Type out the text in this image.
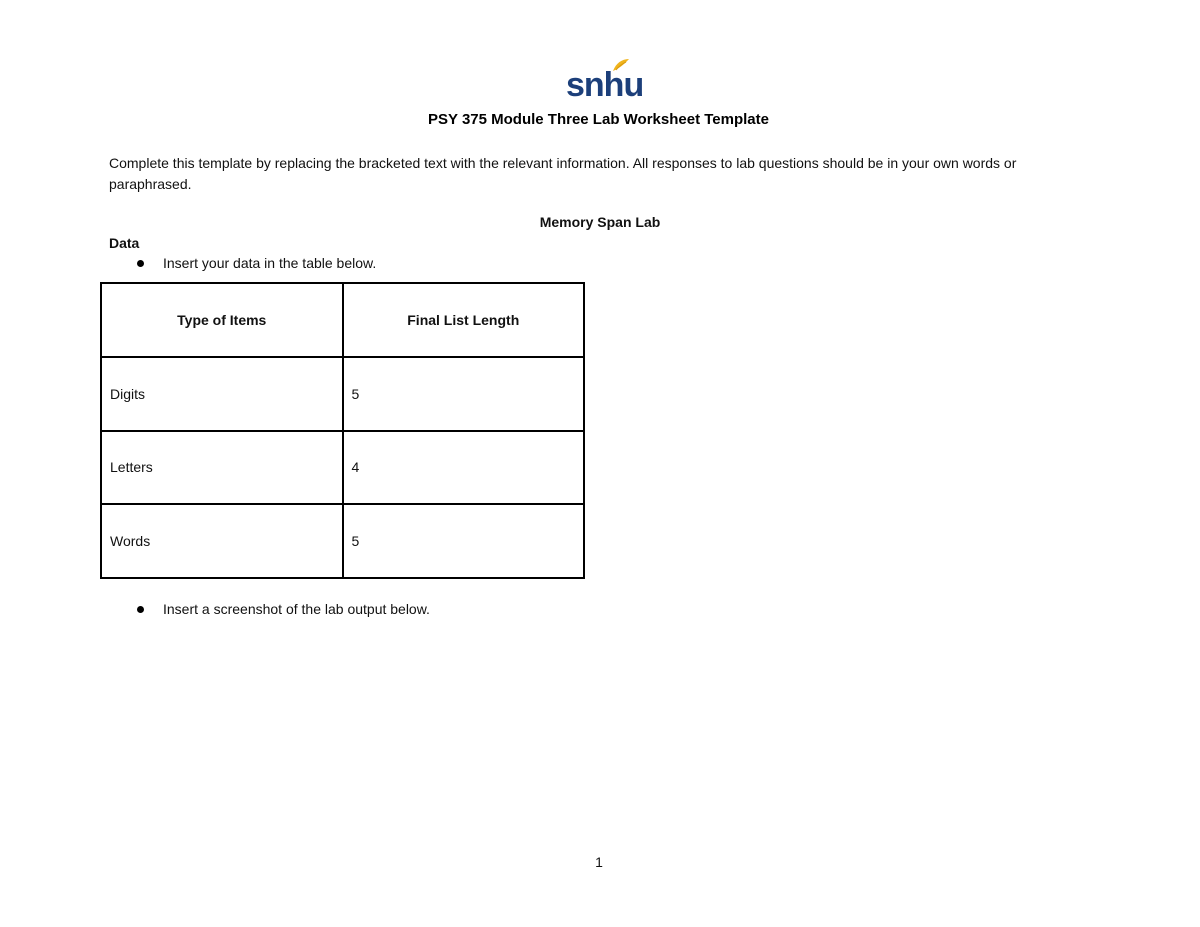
snhu
PSY 375 Module Three Lab Worksheet Template
Complete this template by replacing the bracketed text with the relevant information. All responses to lab questions should be in your own words or paraphrased.
Memory Span Lab
Data
Insert your data in the table below.
Type of Items	Final List Length
Digits	5
Letters	4
Words	5
Insert a screenshot of the lab output below.
1
